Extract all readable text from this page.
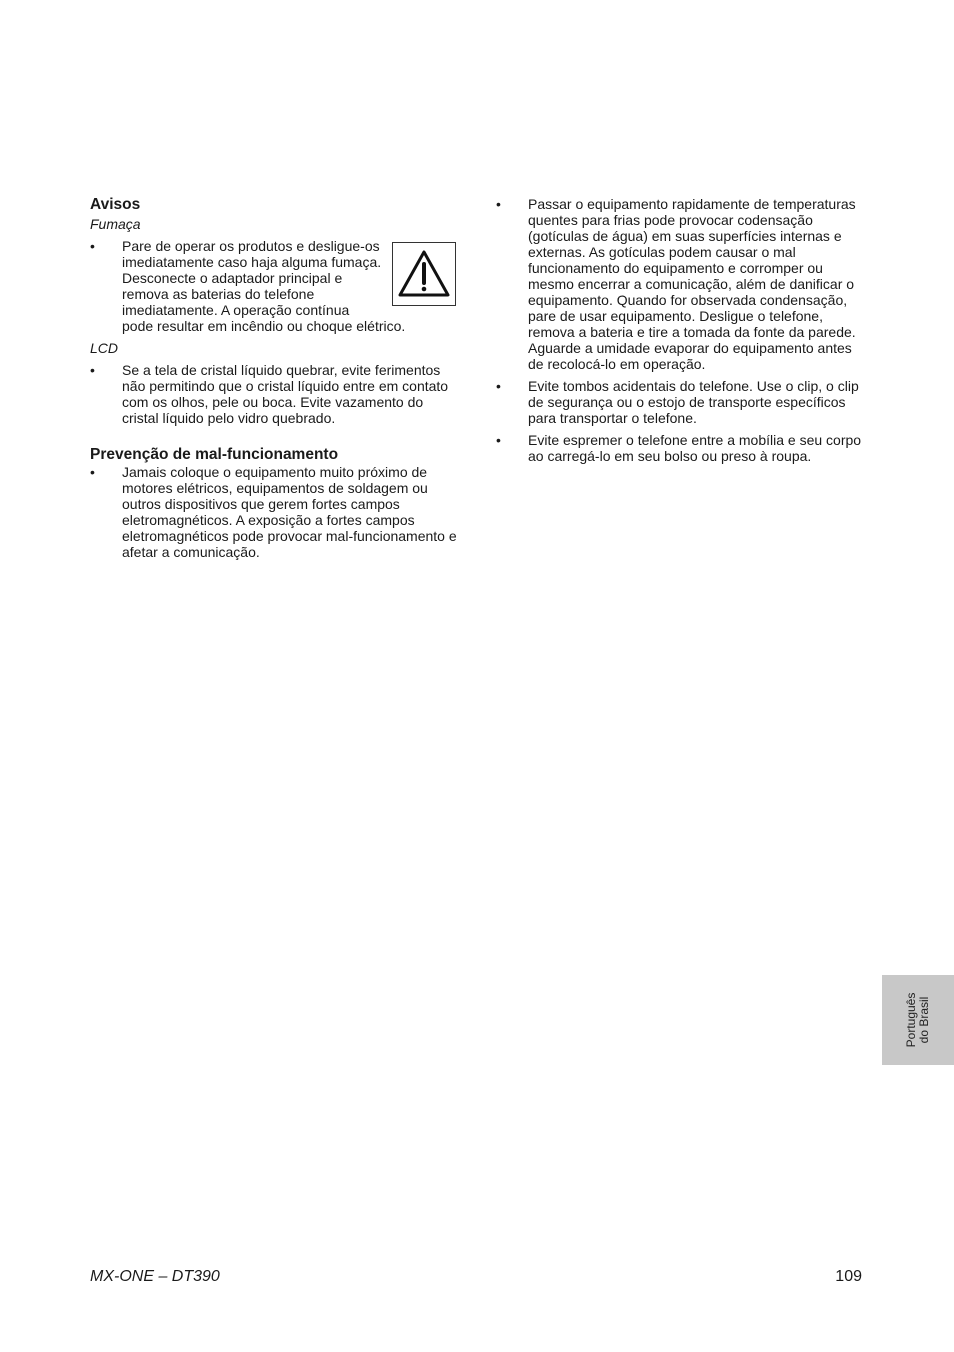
Avisos
Fumaça
• Pare de operar os produtos e desligue-os imediatamente caso haja alguma fumaça. Desconecte o adaptador principal e remova as baterias do telefone imediatamente. A operação contínua pode resultar em incêndio ou choque elétrico.
LCD
• Se a tela de cristal líquido quebrar, evite ferimentos não permitindo que o cristal líquido entre em contato com os olhos, pele ou boca. Evite vazamento do cristal líquido pelo vidro quebrado.
Prevenção de mal-funcionamento
• Jamais coloque o equipamento muito próximo de motores elétricos, equipamentos de soldagem ou outros dispositivos que gerem fortes campos eletromagnéticos. A exposição a fortes campos eletromagnéticos pode provocar mal-funcionamento e afetar a comunicação.
• Passar o equipamento rapidamente de temperaturas quentes para frias pode provocar codensação (gotículas de água) em suas superfícies internas e externas. As gotículas podem causar o mal funcionamento do equipamento e corromper ou mesmo encerrar a comunicação, além de danificar o equipamento. Quando for observada condensação, pare de usar equipamento. Desligue o telefone, remova a bateria e tire a tomada da fonte da parede. Aguarde a umidade evaporar do equipamento antes de recolocá-lo em operação.
• Evite tombos acidentais do telefone. Use o clip, o clip de segurança ou o estojo de transporte específicos para transportar o telefone.
• Evite espremer o telefone entre a mobília e seu corpo ao carregá-lo em seu bolso ou preso à roupa.
Português do Brasil
MX-ONE – DT390	109
